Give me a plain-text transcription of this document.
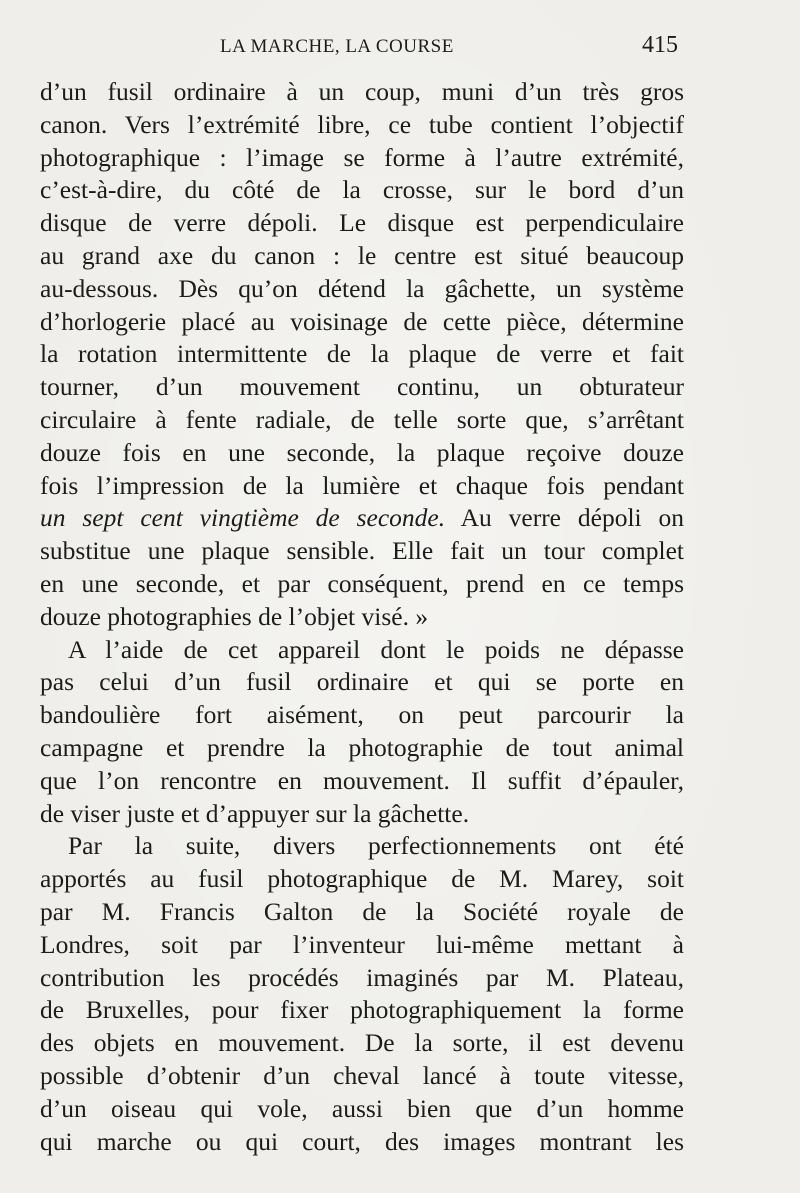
LA MARCHE, LA COURSE	415
d’un fusil ordinaire à un coup, muni d’un très gros
canon. Vers l’extrémité libre, ce tube contient l’objectif
photographique : l’image se forme à l’autre extrémité,
c’est-à-dire, du côté de la crosse, sur le bord d’un
disque de verre dépoli. Le disque est perpendiculaire
au grand axe du canon : le centre est situé beaucoup
au-dessous. Dès qu’on détend la gâchette, un système
d’horlogerie placé au voisinage de cette pièce, détermine
la rotation intermittente de la plaque de verre et fait
tourner, d’un mouvement continu, un obturateur
circulaire à fente radiale, de telle sorte que, s’arrêtant
douze fois en une seconde, la plaque reçoive douze
fois l’impression de la lumière et chaque fois pendant
un sept cent vingtième de seconde. Au verre dépoli on
substitue une plaque sensible. Elle fait un tour complet
en une seconde, et par conséquent, prend en ce temps
douze photographies de l’objet visé. »
A l’aide de cet appareil dont le poids ne dépasse
pas celui d’un fusil ordinaire et qui se porte en
bandoulière fort aisément, on peut parcourir la
campagne et prendre la photographie de tout animal
que l’on rencontre en mouvement. Il suffit d’épauler,
de viser juste et d’appuyer sur la gâchette.
Par la suite, divers perfectionnements ont été
apportés au fusil photographique de M. Marey, soit
par M. Francis Galton de la Société royale de
Londres, soit par l’inventeur lui-même mettant à
contribution les procédés imaginés par M. Plateau,
de Bruxelles, pour fixer photographiquement la forme
des objets en mouvement. De la sorte, il est devenu
possible d’obtenir d’un cheval lancé à toute vitesse,
d’un oiseau qui vole, aussi bien que d’un homme
qui marche ou qui court, des images montrant les
